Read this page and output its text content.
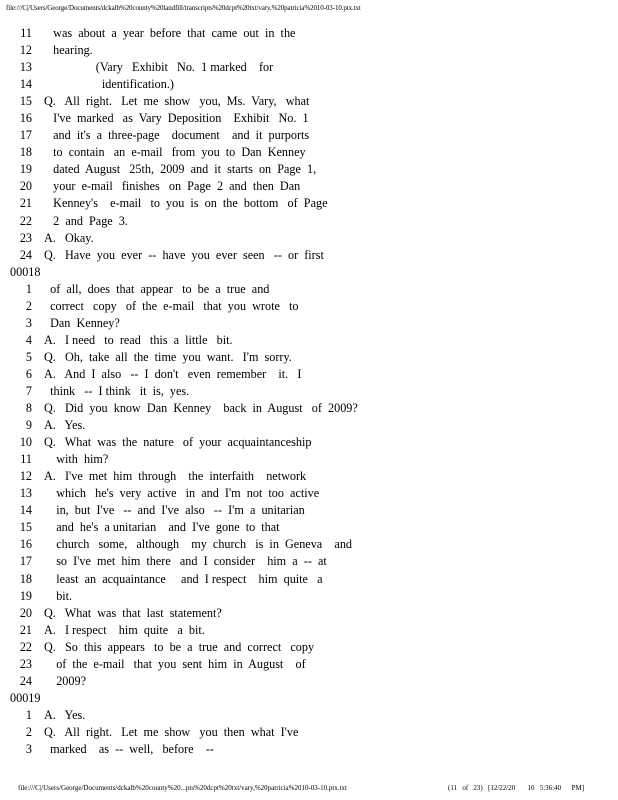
file:///C|/Users/George/Documents/dckalb%20county%20landfill/transcripts%20dcpt%20txt/vary,%20patricia%2010-03-10.ptx.txt
11 was  about  a  year  before  that  came  out  in  the
12 hearing.
13 (Vary   Exhibit   No.  1 marked    for
14 identification.)
15 Q.   All  right.   Let  me  show   you,  Ms.  Vary,   what
16 I've  marked   as  Vary  Deposition    Exhibit   No.  1
17 and  it's  a  three-page    document    and  it  purports
18 to  contain   an  e-mail   from  you  to  Dan  Kenney
19 dated  August   25th,  2009  and  it  starts  on  Page  1,
20 your  e-mail   finishes   on  Page  2  and  then  Dan
21 Kenney's    e-mail   to  you  is  on  the  bottom   of  Page
22 2  and  Page  3.
23 A.   Okay.
24 Q.   Have  you  ever  --  have  you  ever  seen   --  or  first
00018
1 of  all,  does  that  appear   to  be  a  true  and
2 correct   copy   of  the  e-mail   that  you  wrote   to
3 Dan  Kenney?
4 A.   I need   to  read   this  a  little   bit.
5 Q.   Oh,  take  all  the  time  you  want.   I'm  sorry.
6 A.   And  I  also   --  I  don't   even  remember    it.   I
7 think   --  I think   it  is,  yes.
8 Q.   Did  you  know  Dan  Kenney    back  in  August   of  2009?
9 A.   Yes.
10 Q.   What  was  the  nature   of  your  acquaintanceship
11 with  him?
12 A.   I've  met  him  through    the  interfaith    network
13 which   he's  very  active   in  and  I'm  not  too  active
14 in,  but  I've   --  and  I've  also   --  I'm  a  unitarian
15 and  he's  a unitarian    and  I've  gone  to  that
16 church   some,   although    my  church   is  in  Geneva    and
17 so  I've  met  him  there   and  I  consider    him  a  --  at
18 least  an  acquaintance     and  I respect    him  quite   a
19 bit.
20 Q.   What  was  that  last  statement?
21 A.   I respect    him  quite   a  bit.
22 Q.   So  this  appears   to  be  a  true  and  correct   copy
23 of  the  e-mail   that  you  sent  him  in  August    of
24 2009?
00019
1 A.   Yes.
2 Q.   All  right.   Let  me  show   you  then  what  I've
3 marked    as  --  well,   before    --
file:///C|/Users/George/Documents/dckalb%20county%20...pts%20dcpt%20txt/vary,%20patricia%2010-03-10.ptx.txt	(11   of   23)   [12/22/20       10   5:36:40      PM]
